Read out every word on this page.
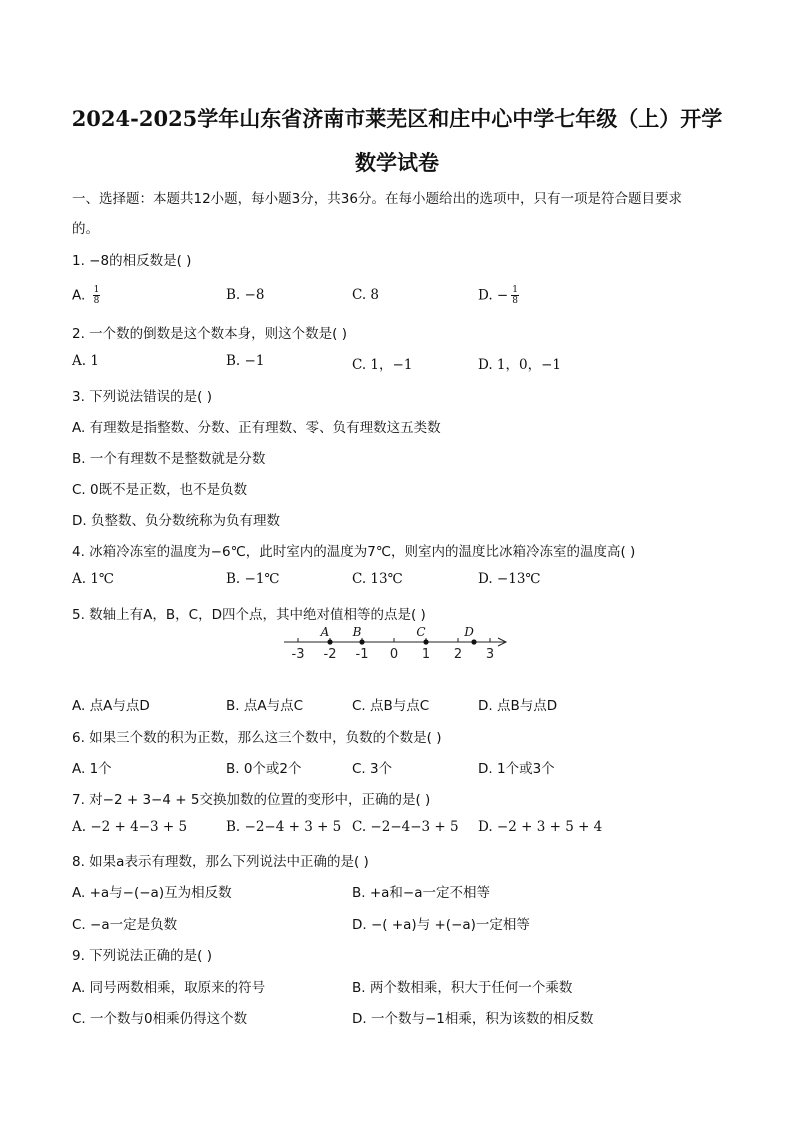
2024-2025学年山东省济南市莱芜区和庄中心中学七年级（上）开学
数学试卷
一、选择题：本题共12小题，每小题3分，共36分。在每小题给出的选项中，只有一项是符合题目要求
的。
1. −8的相反数是( )
A. $\frac{1}{8}$	B. −8	C. 8	D. − $\frac{1}{8}$
2. 一个数的倒数是这个数本身，则这个数是( )
A. 1	B. −1	C. 1，−1	D. 1，0，−1
3. 下列说法错误的是( )
A. 有理数是指整数、分数、正有理数、零、负有理数这五类数
B. 一个有理数不是整数就是分数
C. 0既不是正数，也不是负数
D. 负整数、负分数统称为负有理数
4. 冰箱冷冻室的温度为−6℃，此时室内的温度为7℃，则室内的温度比冰箱冷冻室的温度高( )
A. 1℃	B. −1℃	C. 13℃	D. −13℃
5. 数轴上有A，B，C，D四个点，其中绝对值相等的点是( )
-3 -2 -1 0 1 2 3
A B	C	D
A. 点A与点D	B. 点A与点C	C. 点B与点C	D. 点B与点D
6. 如果三个数的积为正数，那么这三个数中，负数的个数是( )
A. 1个	B. 0个或2个	C. 3个	D. 1个或3个
7. 对−2 + 3−4 + 5交换加数的位置的变形中，正确的是( )
A. −2 + 4−3 + 5	B. −2−4 + 3 + 5 C. −2−4−3 + 5 D. −2 + 3 + 5 + 4
8. 如果a表示有理数，那么下列说法中正确的是( )
A. +a与−(−a)互为相反数	B. +a和−a一定不相等
C. −a一定是负数	D. −( +a)与 +(−a)一定相等
9. 下列说法正确的是( )
A. 同号两数相乘，取原来的符号	B. 两个数相乘，积大于任何一个乘数
C. 一个数与0相乘仍得这个数	D. 一个数与−1相乘，积为该数的相反数
